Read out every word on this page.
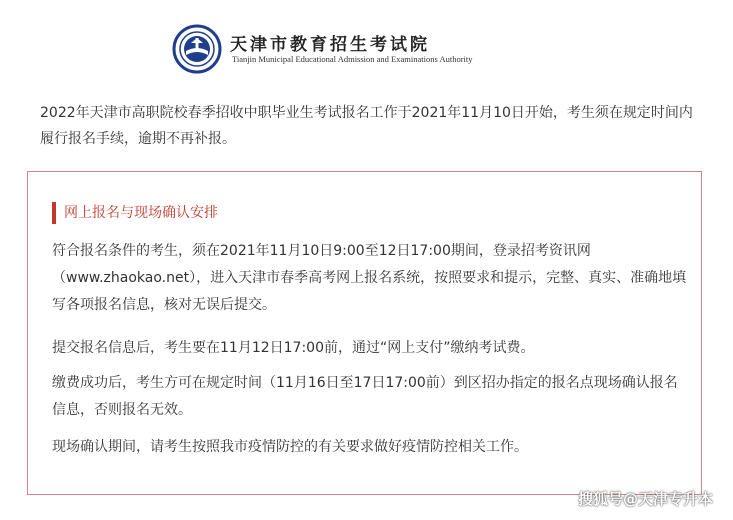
天津市教育招生考试院
Tianjin Municipal Educational Admission and Examinations Authority

2022年天津市高职院校春季招收中职毕业生考试报名工作于2021年11月10日开始，考生须在规定时间内履行报名手续，逾期不再补报。

网上报名与现场确认安排

符合报名条件的考生，须在2021年11月10日9:00至12日17:00期间，登录招考资讯网（www.zhaokao.net），进入天津市春季高考网上报名系统，按照要求和提示，完整、真实、准确地填写各项报名信息，核对无误后提交。

提交报名信息后，考生要在11月12日17:00前，通过“网上支付”缴纳考试费。

缴费成功后，考生方可在规定时间（11月16日至17日17:00前）到区招办指定的报名点现场确认报名信息，否则报名无效。

现场确认期间，请考生按照我市疫情防控的有关要求做好疫情防控相关工作。

搜狐号@天津专升本
